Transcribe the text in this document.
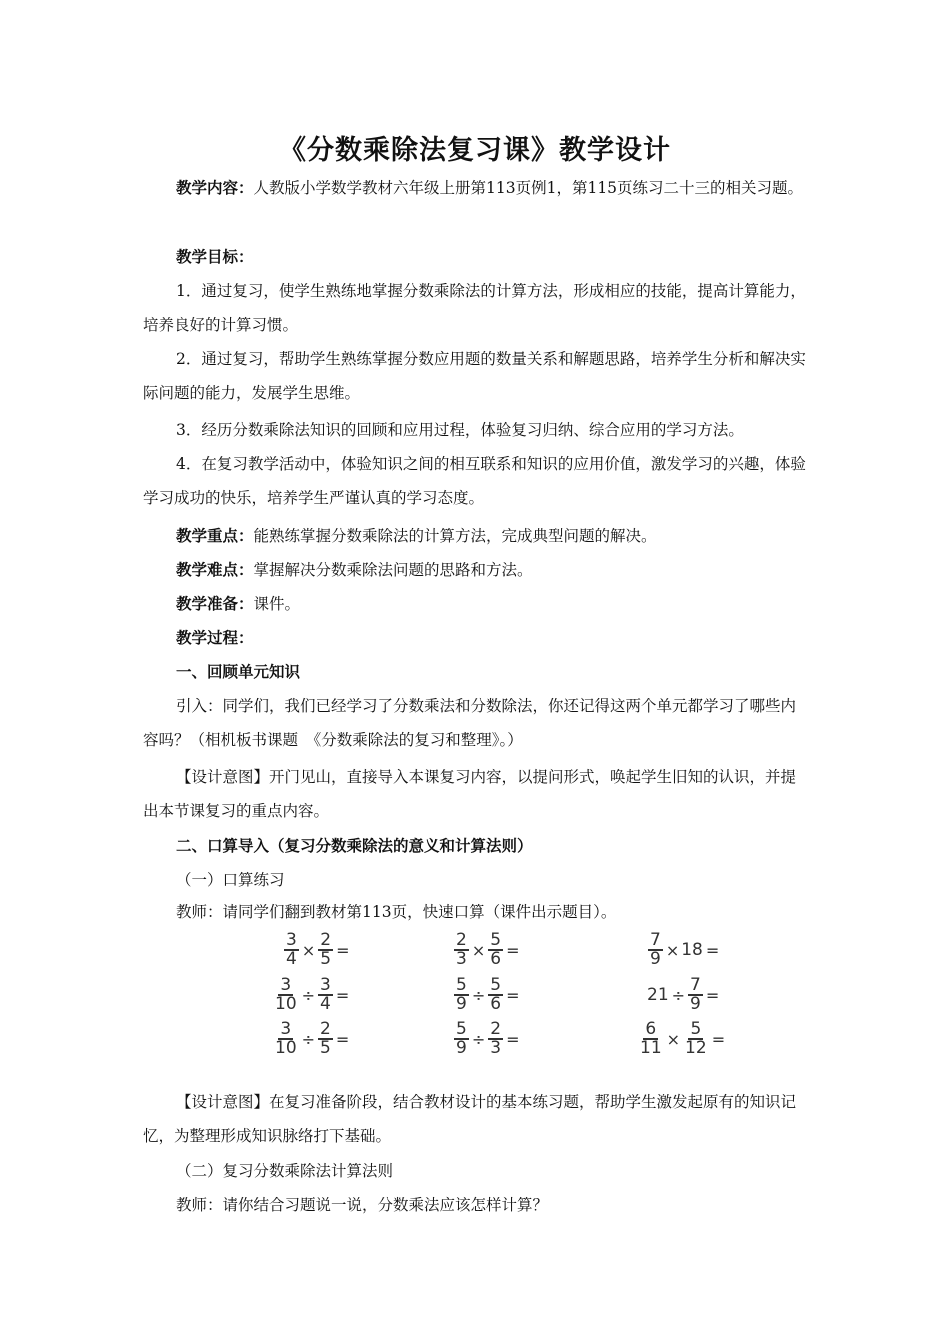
《分数乘除法复习课》教学设计

教学内容：人教版小学数学教材六年级上册第113页例1，第115页练习二十三的相关习题。

教学目标：

1．通过复习，使学生熟练地掌握分数乘除法的计算方法，形成相应的技能，提高计算能力，培养良好的计算习惯。

2．通过复习，帮助学生熟练掌握分数应用题的数量关系和解题思路，培养学生分析和解决实际问题的能力，发展学生思维。

3．经历分数乘除法知识的回顾和应用过程，体验复习归纳、综合应用的学习方法。

4．在复习教学活动中，体验知识之间的相互联系和知识的应用价值，激发学习的兴趣，体验学习成功的快乐，培养学生严谨认真的学习态度。

教学重点：能熟练掌握分数乘除法的计算方法，完成典型问题的解决。

教学难点：掌握解决分数乘除法问题的思路和方法。

教学准备：课件。

教学过程：

一、回顾单元知识

引入：同学们，我们已经学习了分数乘法和分数除法，你还记得这两个单元都学习了哪些内容吗？（相机板书课题　《分数乘除法的复习和整理》。）

【设计意图】开门见山，直接导入本课复习内容，以提问形式，唤起学生旧知的认识，并提出本节课复习的重点内容。

二、口算导入（复习分数乘除法的意义和计算法则）

（一）口算练习

教师：请同学们翻到教材第113页，快速口算（课件出示题目）。

$\frac{3}{4} \times \frac{2}{5}$ =	$\frac{2}{3} \times \frac{5}{6}$ =	$\frac{7}{9} \times 18$ =
$\frac{3}{10} \div \frac{3}{4}$ =	$\frac{5}{9} \div \frac{5}{6}$ =	$21 \div \frac{7}{9}$ =
$\frac{3}{10} \div \frac{2}{5}$ =	$\frac{5}{9} \div \frac{2}{3}$ =	$\frac{6}{11} \times \frac{5}{12}$ =

【设计意图】在复习准备阶段，结合教材设计的基本练习题，帮助学生激发起原有的知识记忆，为整理形成知识脉络打下基础。

（二）复习分数乘除法计算法则

教师：请你结合习题说一说，分数乘法应该怎样计算？
